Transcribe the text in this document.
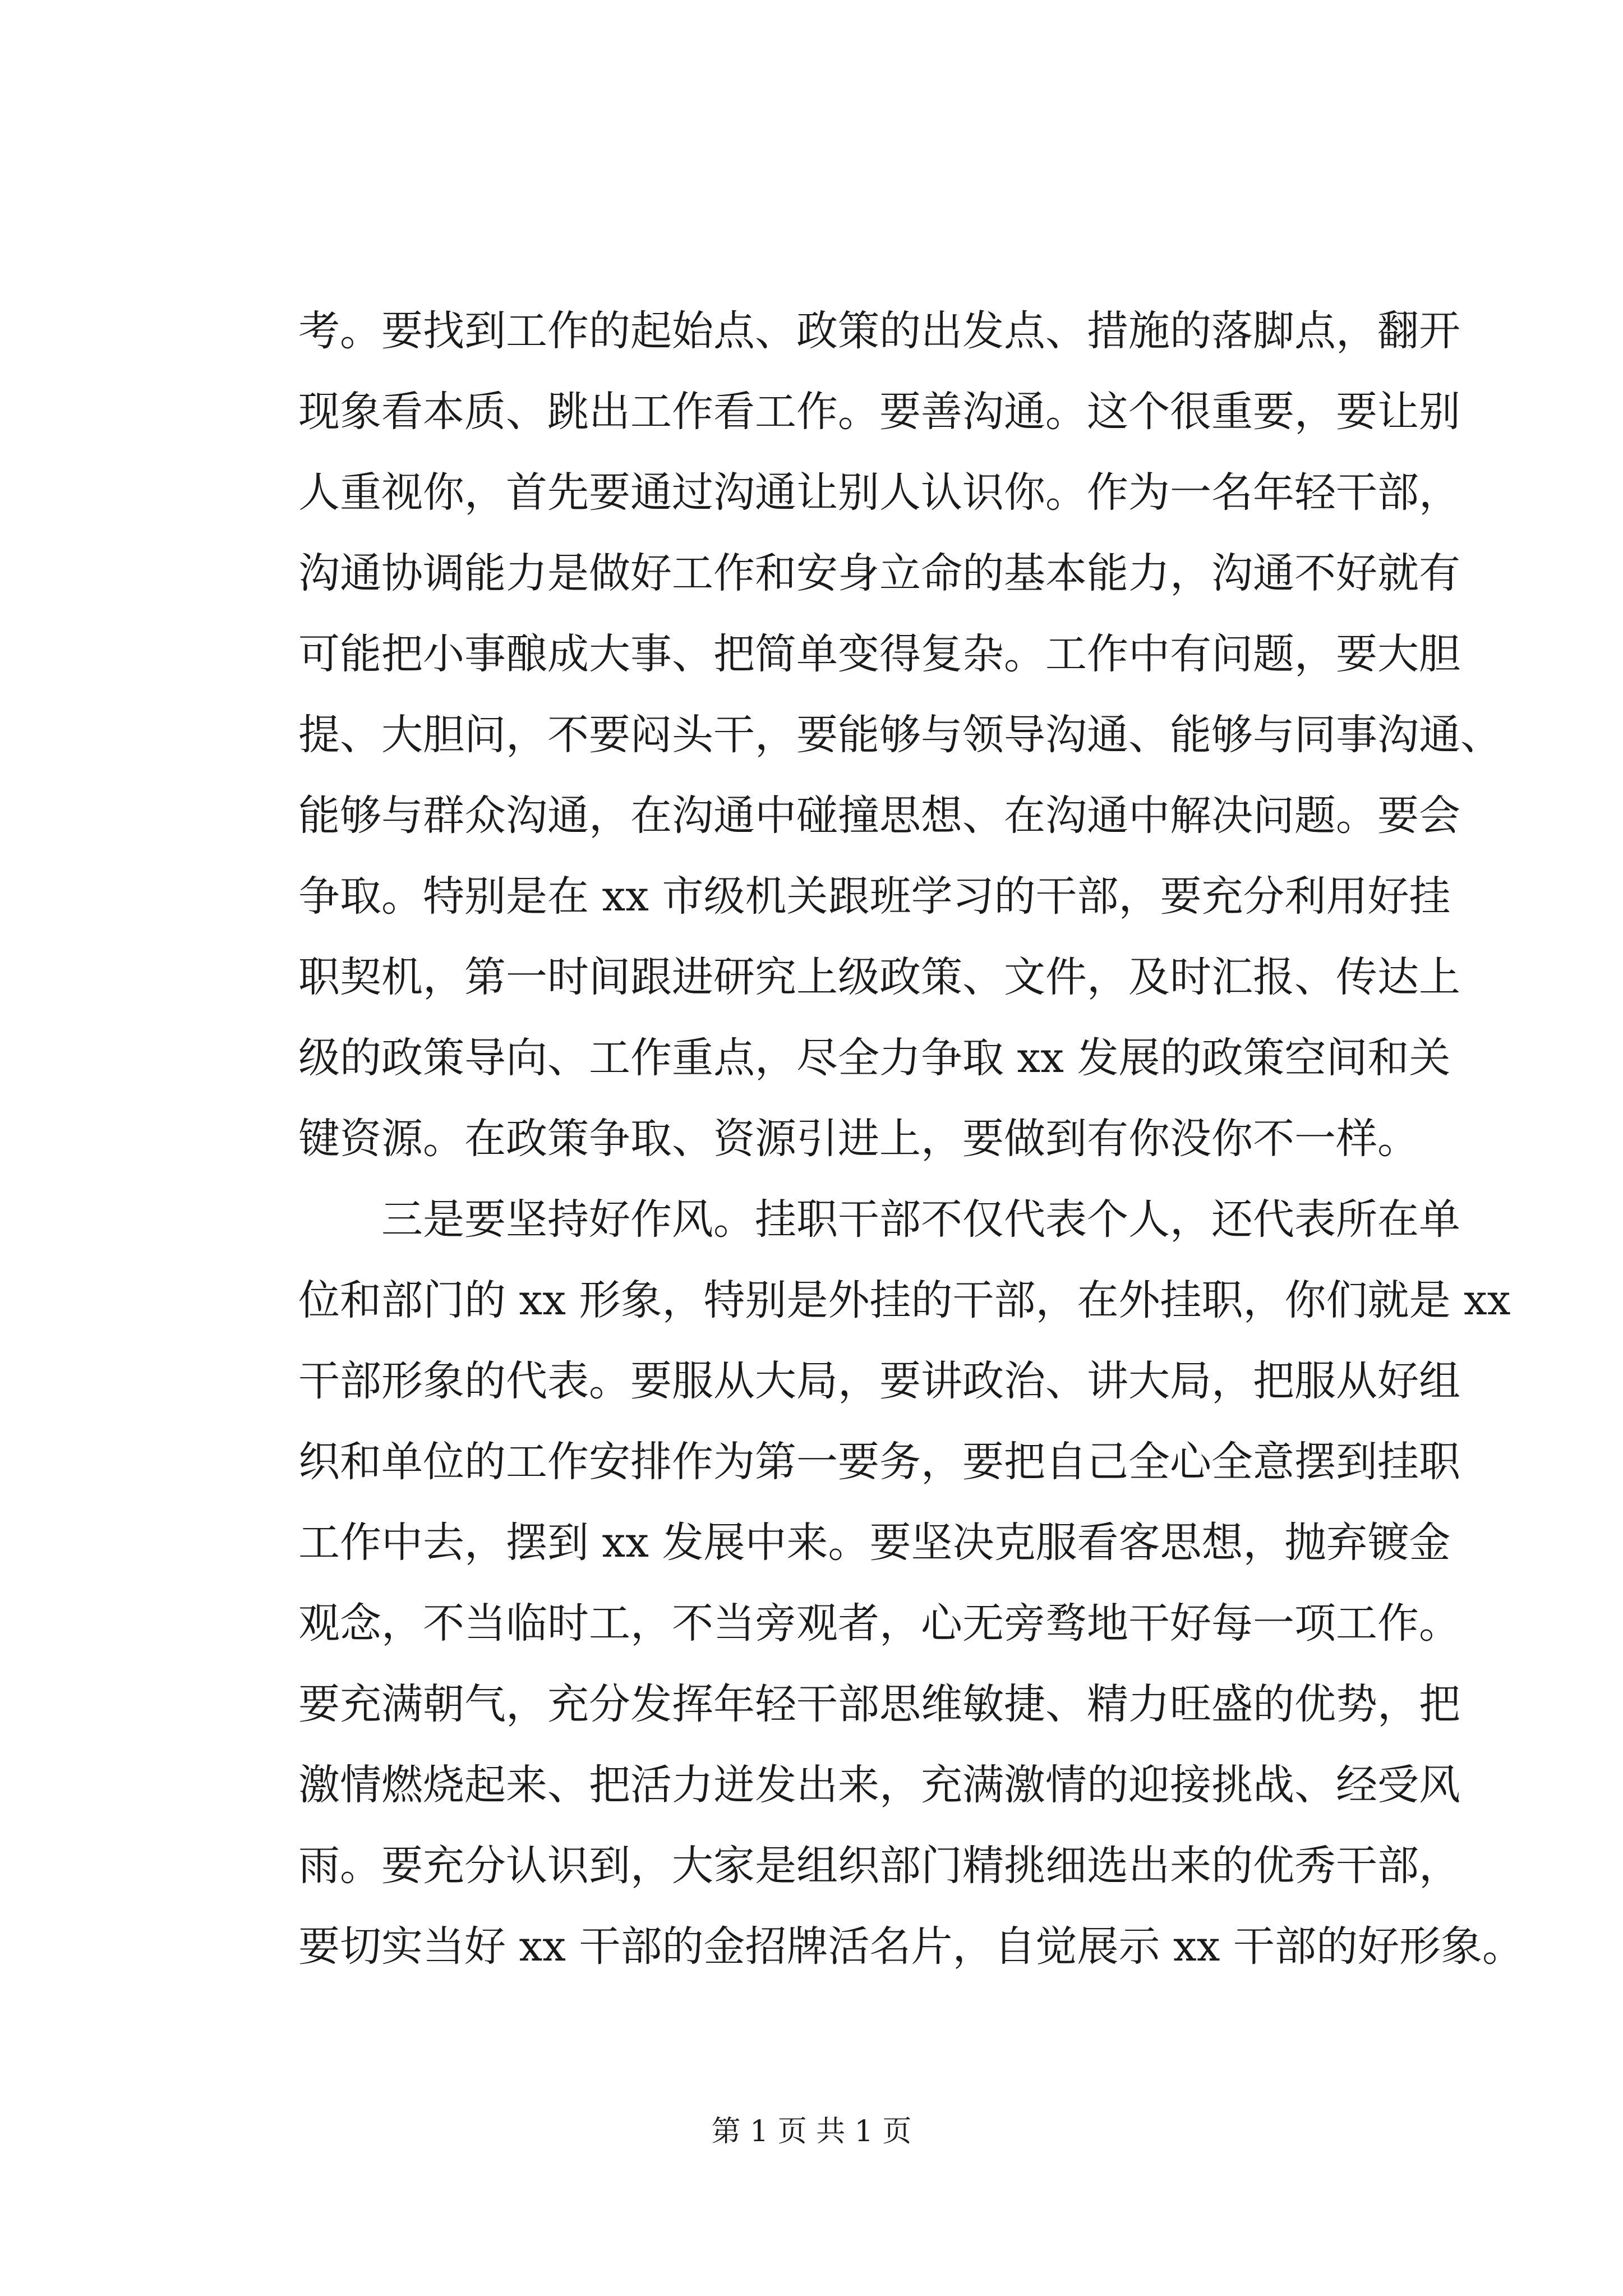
考。要找到工作的起始点、政策的出发点、措施的落脚点，翻开
现象看本质、跳出工作看工作。要善沟通。这个很重要，要让别
人重视你，首先要通过沟通让别人认识你。作为一名年轻干部，
沟通协调能力是做好工作和安身立命的基本能力，沟通不好就有
可能把小事酿成大事、把简单变得复杂。工作中有问题，要大胆
提、大胆问，不要闷头干，要能够与领导沟通、能够与同事沟通、
能够与群众沟通，在沟通中碰撞思想、在沟通中解决问题。要会
争取。特别是在 xx 市级机关跟班学习的干部，要充分利用好挂
职契机，第一时间跟进研究上级政策、文件，及时汇报、传达上
级的政策导向、工作重点，尽全力争取 xx 发展的政策空间和关
键资源。在政策争取、资源引进上，要做到有你没你不一样。
三是要坚持好作风。挂职干部不仅代表个人，还代表所在单
位和部门的 xx 形象，特别是外挂的干部，在外挂职，你们就是 xx
干部形象的代表。要服从大局，要讲政治、讲大局，把服从好组
织和单位的工作安排作为第一要务，要把自己全心全意摆到挂职
工作中去，摆到 xx 发展中来。要坚决克服看客思想，抛弃镀金
观念，不当临时工，不当旁观者，心无旁骛地干好每一项工作。
要充满朝气，充分发挥年轻干部思维敏捷、精力旺盛的优势，把
激情燃烧起来、把活力迸发出来，充满激情的迎接挑战、经受风
雨。要充分认识到，大家是组织部门精挑细选出来的优秀干部，
要切实当好 xx 干部的金招牌活名片，自觉展示 xx 干部的好形象。
第 1 页 共 1 页
